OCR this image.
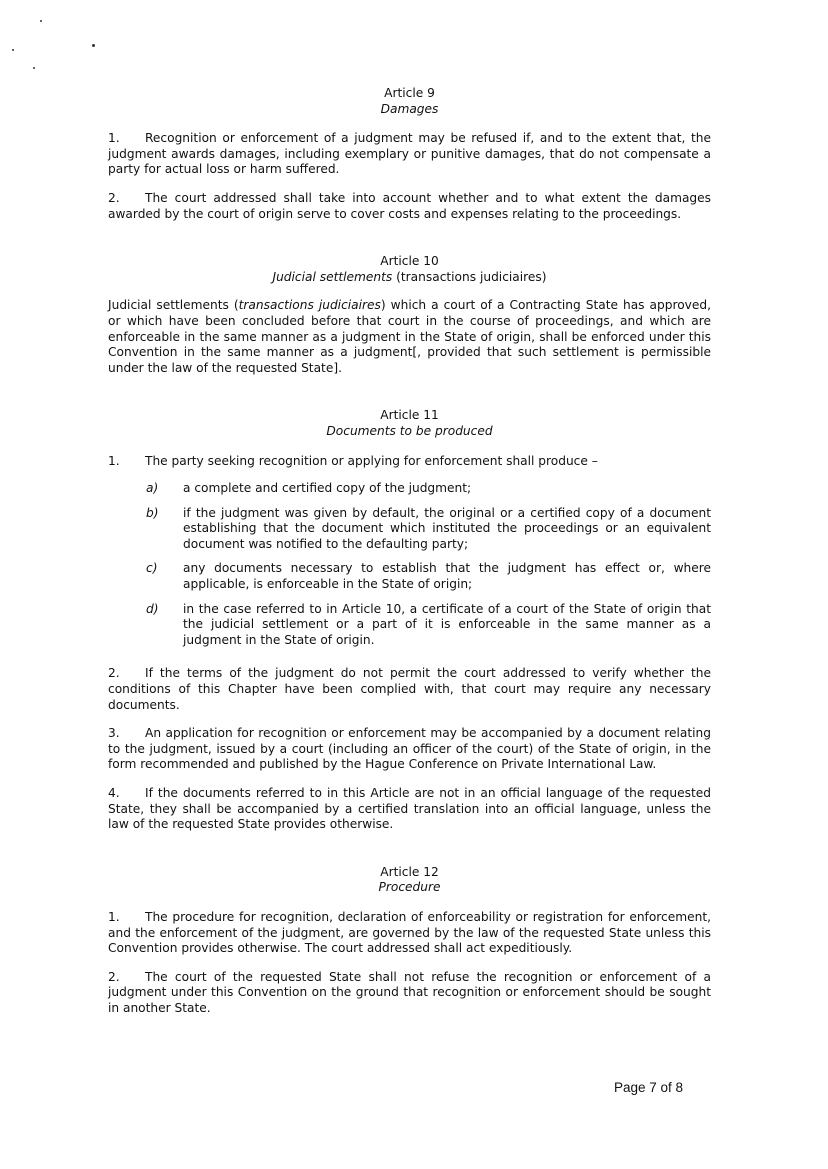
Article 9
Damages

1. Recognition or enforcement of a judgment may be refused if, and to the extent that, the judgment awards damages, including exemplary or punitive damages, that do not compensate a party for actual loss or harm suffered.

2. The court addressed shall take into account whether and to what extent the damages awarded by the court of origin serve to cover costs and expenses relating to the proceedings.

Article 10
Judicial settlements (transactions judiciaires)

Judicial settlements (transactions judiciaires) which a court of a Contracting State has approved, or which have been concluded before that court in the course of proceedings, and which are enforceable in the same manner as a judgment in the State of origin, shall be enforced under this Convention in the same manner as a judgment[, provided that such settlement is permissible under the law of the requested State].

Article 11
Documents to be produced

1. The party seeking recognition or applying for enforcement shall produce –

a) a complete and certified copy of the judgment;
b) if the judgment was given by default, the original or a certified copy of a document establishing that the document which instituted the proceedings or an equivalent document was notified to the defaulting party;
c) any documents necessary to establish that the judgment has effect or, where applicable, is enforceable in the State of origin;
d) in the case referred to in Article 10, a certificate of a court of the State of origin that the judicial settlement or a part of it is enforceable in the same manner as a judgment in the State of origin.

2. If the terms of the judgment do not permit the court addressed to verify whether the conditions of this Chapter have been complied with, that court may require any necessary documents.

3. An application for recognition or enforcement may be accompanied by a document relating to the judgment, issued by a court (including an officer of the court) of the State of origin, in the form recommended and published by the Hague Conference on Private International Law.

4. If the documents referred to in this Article are not in an official language of the requested State, they shall be accompanied by a certified translation into an official language, unless the law of the requested State provides otherwise.

Article 12
Procedure

1. The procedure for recognition, declaration of enforceability or registration for enforcement, and the enforcement of the judgment, are governed by the law of the requested State unless this Convention provides otherwise. The court addressed shall act expeditiously.

2. The court of the requested State shall not refuse the recognition or enforcement of a judgment under this Convention on the ground that recognition or enforcement should be sought in another State.

Page 7 of 8
